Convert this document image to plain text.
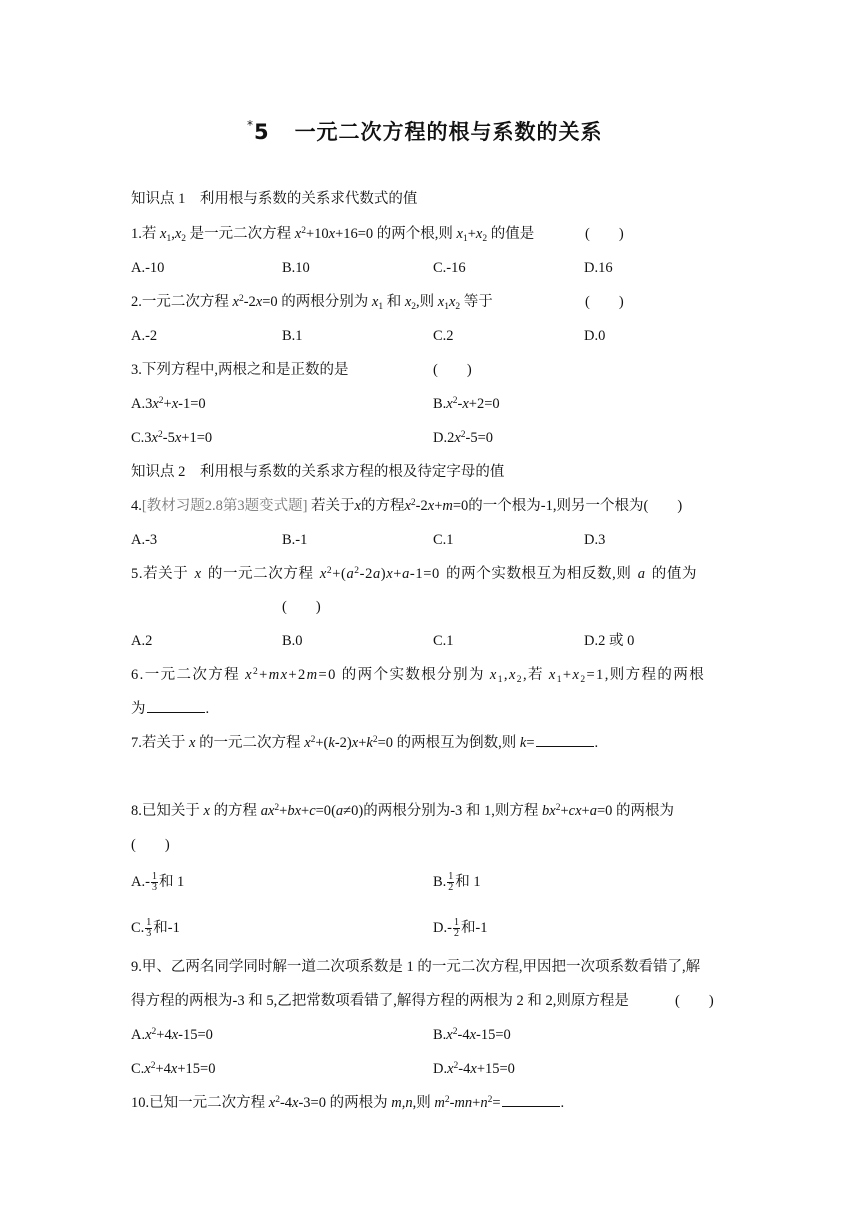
*5 一元二次方程的根与系数的关系
知识点 1　利用根与系数的关系求代数式的值
1.若 $x_1,x_2$ 是一元二次方程 $x^2+10x+16=0$ 的两个根,则 $x_1+x_2$ 的值是	(　　)
A.-10	B.10	C.-16	D.16
2.一元二次方程 $x^2-2x=0$ 的两根分别为 $x_1$ 和 $x_2$,则 $x_1x_2$ 等于	(　　)
A.-2	B.1	C.2	D.0
3.下列方程中,两根之和是正数的是	(　　)
$A.3x^2+x-1=0$	$B.x^2-x+2=0$
$C.3x^2-5x+1=0$	$D.2x^2-5=0$
知识点 2　利用根与系数的关系求方程的根及待定字母的值
4.[教材习题2.8第3题变式题] 若关于x的方程$x^2-2x+m=0$的一个根为-1,则另一个根为(　　)
A.-3	B.-1	C.1	D.3
5.若关于 x 的一元二次方程 $x^2+(a^2-2a)x+a-1=0$ 的两个实数根互为相反数,则 a 的值为
(　　)
A.2	B.0	C.1	D.2 或 0
6.一元二次方程 $x^2+mx+2m=0$ 的两个实数根分别为 $x_1,x_2$,若 $x_1+x_2=1$,则方程的两根
为	.
7.若关于 x 的一元二次方程 $x^2+(k-2)x+k^2=0$ 的两根互为倒数,则 k=	.
8.已知关于 x 的方程 $ax^2+bx+c=0(a\ne 0)$的两根分别为-3 和 1,则方程 $bx^2+cx+a=0$ 的两根为
(　　)
$A.- \frac{1}{3}$ 和 1	B. $\frac{1}{2}$ 和 1
C. $\frac{1}{3}$ 和-1	$D.- \frac{1}{2}$ 和-1
9.甲、乙两名同学同时解一道二次项系数是 1 的一元二次方程,甲因把一次项系数看错了,解
得方程的两根为-3 和 5,乙把常数项看错了,解得方程的两根为 2 和 2,则原方程是	(　　)
$A.x^2+4x-15=0$	$B.x^2-4x-15=0$
$C.x^2+4x+15=0$	$D.x^2-4x+15=0$
10.已知一元二次方程 $x^2-4x-3=0$ 的两根为 m,n,则 $m^2-mn+n^2=$	.
